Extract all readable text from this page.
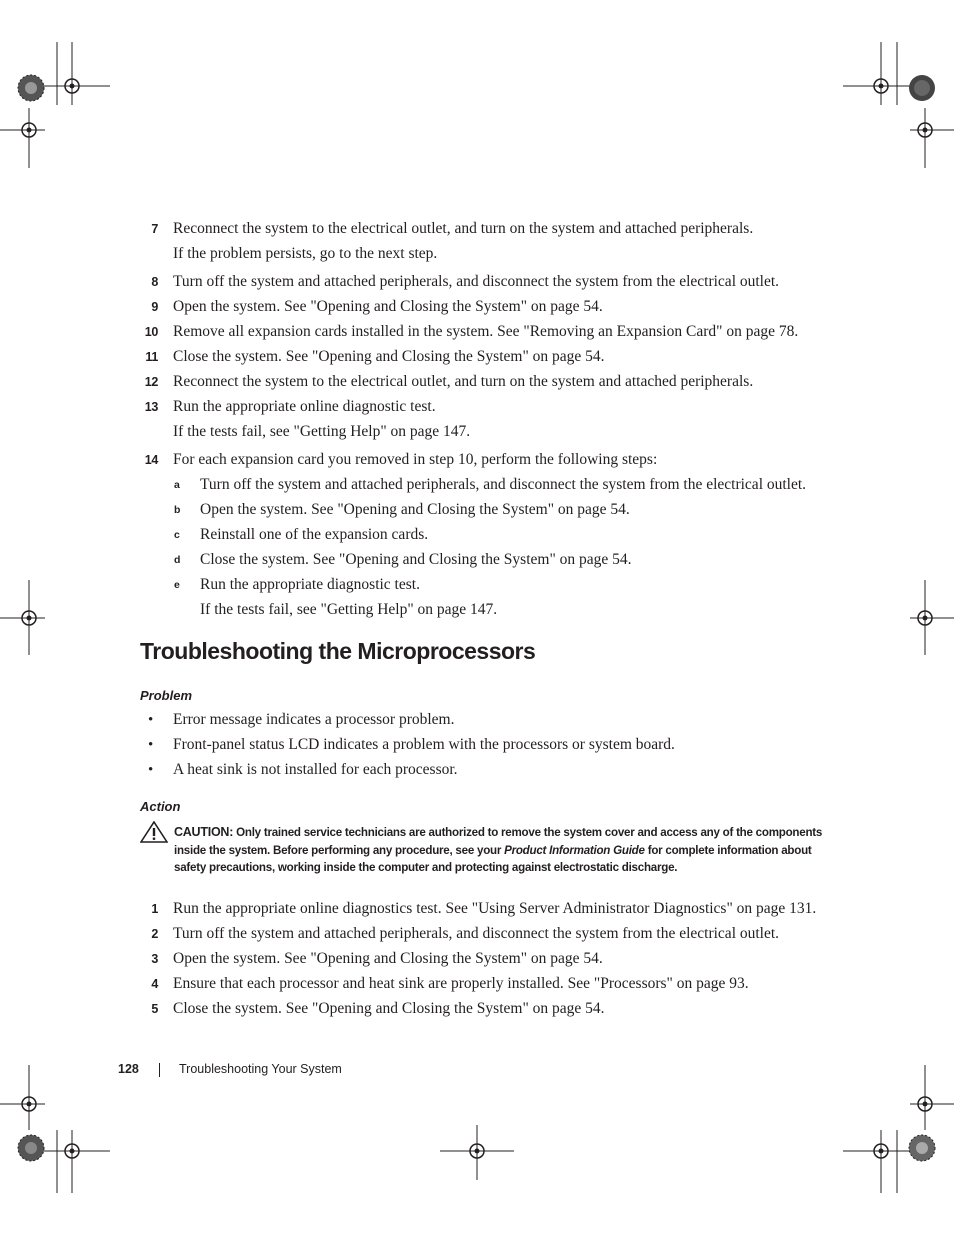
7 Reconnect the system to the electrical outlet, and turn on the system and attached peripherals.
If the problem persists, go to the next step.
8 Turn off the system and attached peripherals, and disconnect the system from the electrical outlet.
9 Open the system. See "Opening and Closing the System" on page 54.
10 Remove all expansion cards installed in the system. See "Removing an Expansion Card" on page 78.
11 Close the system. See "Opening and Closing the System" on page 54.
12 Reconnect the system to the electrical outlet, and turn on the system and attached peripherals.
13 Run the appropriate online diagnostic test.
If the tests fail, see "Getting Help" on page 147.
14 For each expansion card you removed in step 10, perform the following steps:
a Turn off the system and attached peripherals, and disconnect the system from the electrical outlet.
b Open the system. See "Opening and Closing the System" on page 54.
c Reinstall one of the expansion cards.
d Close the system. See "Opening and Closing the System" on page 54.
e Run the appropriate diagnostic test.
If the tests fail, see "Getting Help" on page 147.
Troubleshooting the Microprocessors
Problem
• Error message indicates a processor problem.
• Front-panel status LCD indicates a problem with the processors or system board.
• A heat sink is not installed for each processor.
Action
CAUTION: Only trained service technicians are authorized to remove the system cover and access any of the components inside the system. Before performing any procedure, see your Product Information Guide for complete information about safety precautions, working inside the computer and protecting against electrostatic discharge.
1 Run the appropriate online diagnostics test. See "Using Server Administrator Diagnostics" on page 131.
2 Turn off the system and attached peripherals, and disconnect the system from the electrical outlet.
3 Open the system. See "Opening and Closing the System" on page 54.
4 Ensure that each processor and heat sink are properly installed. See "Processors" on page 93.
5 Close the system. See "Opening and Closing the System" on page 54.
128	Troubleshooting Your System
